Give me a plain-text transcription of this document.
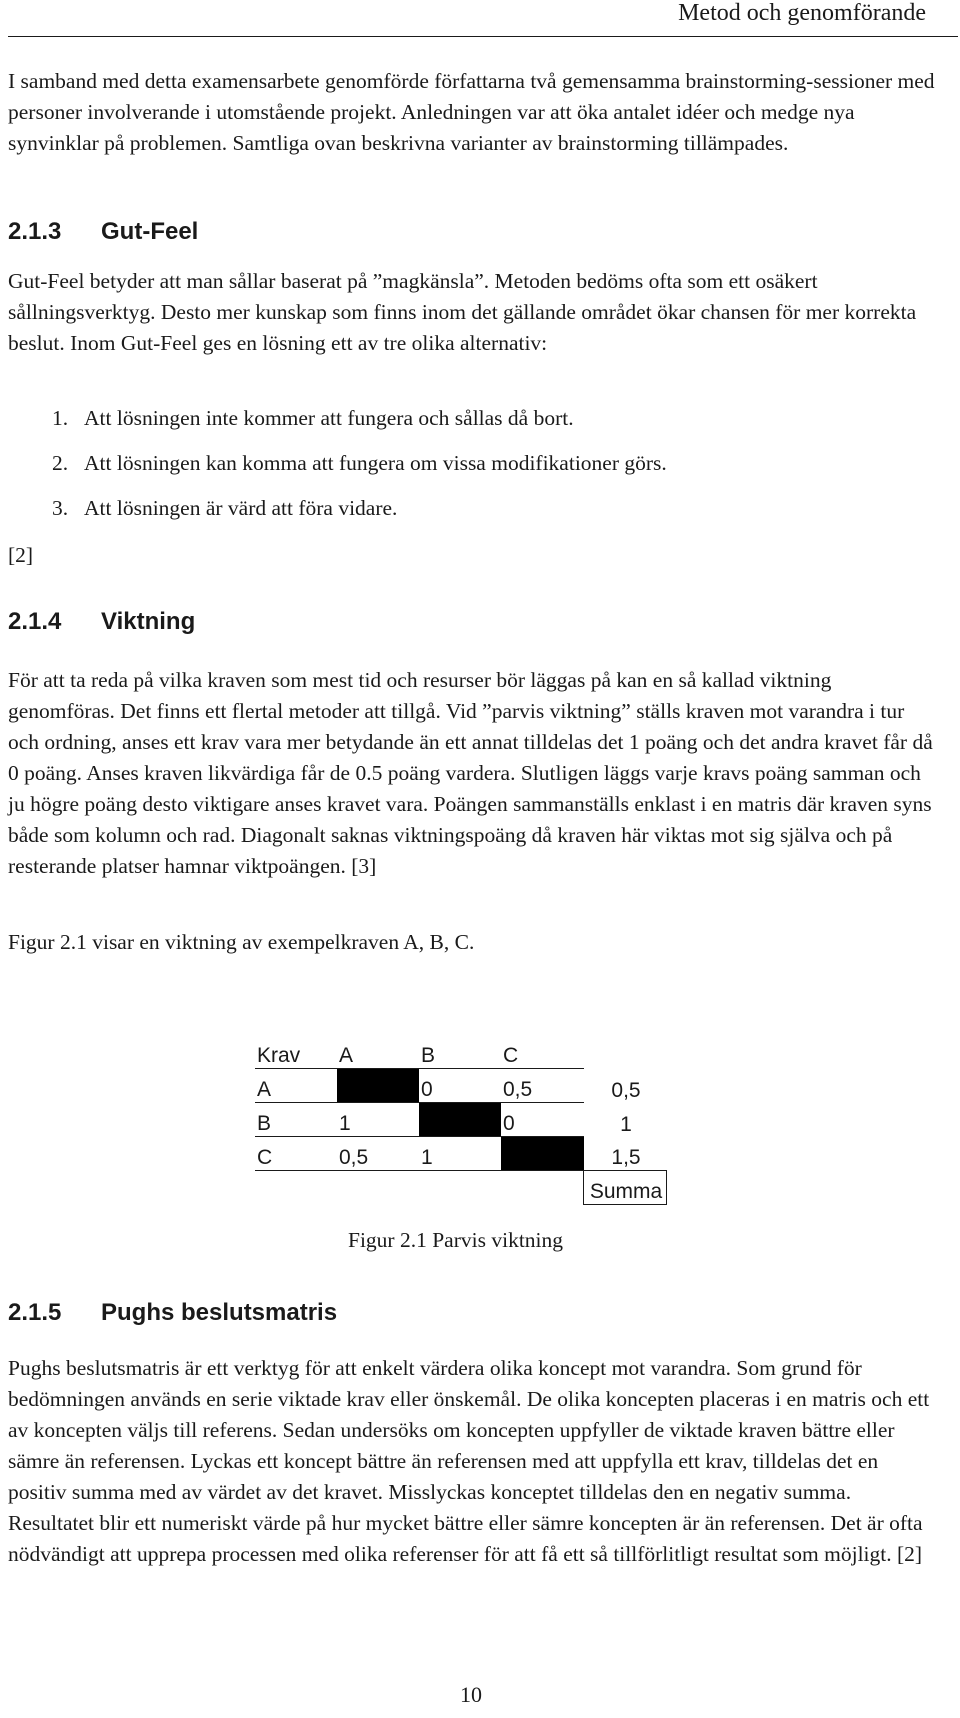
Metod och genomförande

I samband med detta examensarbete genomförde författarna två gemensamma brainstorming-sessioner med personer involverande i utomstående projekt. Anledningen var att öka antalet idéer och medge nya synvinklar på problemen. Samtliga ovan beskrivna varianter av brainstorming tillämpades.

2.1.3 Gut-Feel

Gut-Feel betyder att man sållar baserat på ”magkänsla”. Metoden bedöms ofta som ett osäkert sållningsverktyg. Desto mer kunskap som finns inom det gällande området ökar chansen för mer korrekta beslut. Inom Gut-Feel ges en lösning ett av tre olika alternativ:

1. Att lösningen inte kommer att fungera och sållas då bort.
2. Att lösningen kan komma att fungera om vissa modifikationer görs.
3. Att lösningen är värd att föra vidare.
[2]
2.1.4 Viktning

För att ta reda på vilka kraven som mest tid och resurser bör läggas på kan en så kallad viktning genomföras. Det finns ett flertal metoder att tillgå. Vid ”parvis viktning” ställs kraven mot varandra i tur och ordning, anses ett krav vara mer betydande än ett annat tilldelas det 1 poäng och det andra kravet får då 0 poäng. Anses kraven likvärdiga får de 0.5 poäng vardera. Slutligen läggs varje kravs poäng samman och ju högre poäng desto viktigare anses kravet vara. Poängen sammanställs enklast i en matris där kraven syns både som kolumn och rad. Diagonalt saknas viktningspoäng då kraven här viktas mot sig själva och på resterande platser hamnar viktpoängen. [3]

Figur 2.1 visar en viktning av exempelkraven A, B, C.

Krav	A	B	C	
A		0	0,5	0,5
B	1		0	1
C	0,5	1		1,5
				Summa
Figur 2.1 Parvis viktning
2.1.5 Pughs beslutsmatris

Pughs beslutsmatris är ett verktyg för att enkelt värdera olika koncept mot varandra. Som grund för bedömningen används en serie viktade krav eller önskemål. De olika koncepten placeras i en matris och ett av koncepten väljs till referens. Sedan undersöks om koncepten uppfyller de viktade kraven bättre eller sämre än referensen. Lyckas ett koncept bättre än referensen med att uppfylla ett krav, tilldelas det en positiv summa med av värdet av det kravet. Misslyckas konceptet tilldelas den en negativ summa. Resultatet blir ett numeriskt värde på hur mycket bättre eller sämre koncepten är än referensen. Det är ofta nödvändigt att upprepa processen med olika referenser för att få ett så tillförlitligt resultat som möjligt. [2]

10
